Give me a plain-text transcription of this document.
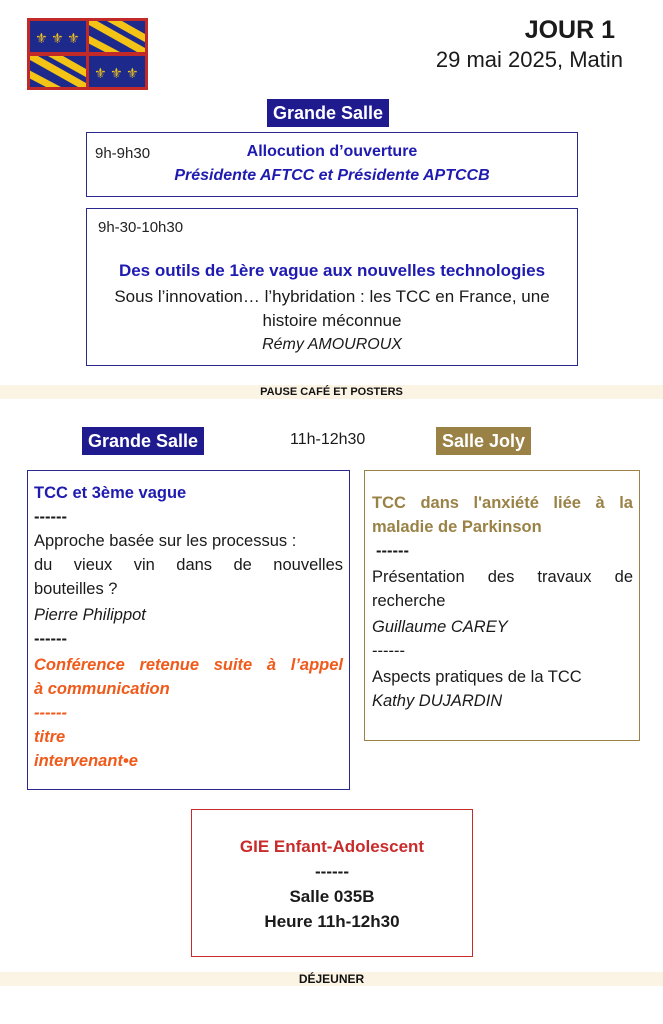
⚜ ⚜ ⚜
⚜ ⚜ ⚜
JOUR 1
29 mai 2025, Matin
Grande Salle
9h-9h30	Allocution d’ouverture
Présidente AFTCC et Présidente APTCCB
9h-30-10h30
Des outils de 1ère vague aux nouvelles technologies
Sous l’innovation… l’hybridation : les TCC en France, une
histoire méconnue
Rémy AMOUROUX
PAUSE CAFÉ ET POSTERS
Grande Salle	11h-12h30	Salle Joly
TCC et 3ème vague
------
Approche basée sur les processus :
du vieux vin dans de nouvelles
bouteilles ?
Pierre Philippot
------
Conférence retenue suite à l’appel
à communication
------
titre
intervenant•e
TCC dans l'anxiété liée à la
maladie de Parkinson
------
Présentation des travaux de
recherche
Guillaume CAREY
------
Aspects pratiques de la TCC
Kathy DUJARDIN
GIE Enfant-Adolescent
------
Salle 035B
Heure 11h-12h30
DÉJEUNER
